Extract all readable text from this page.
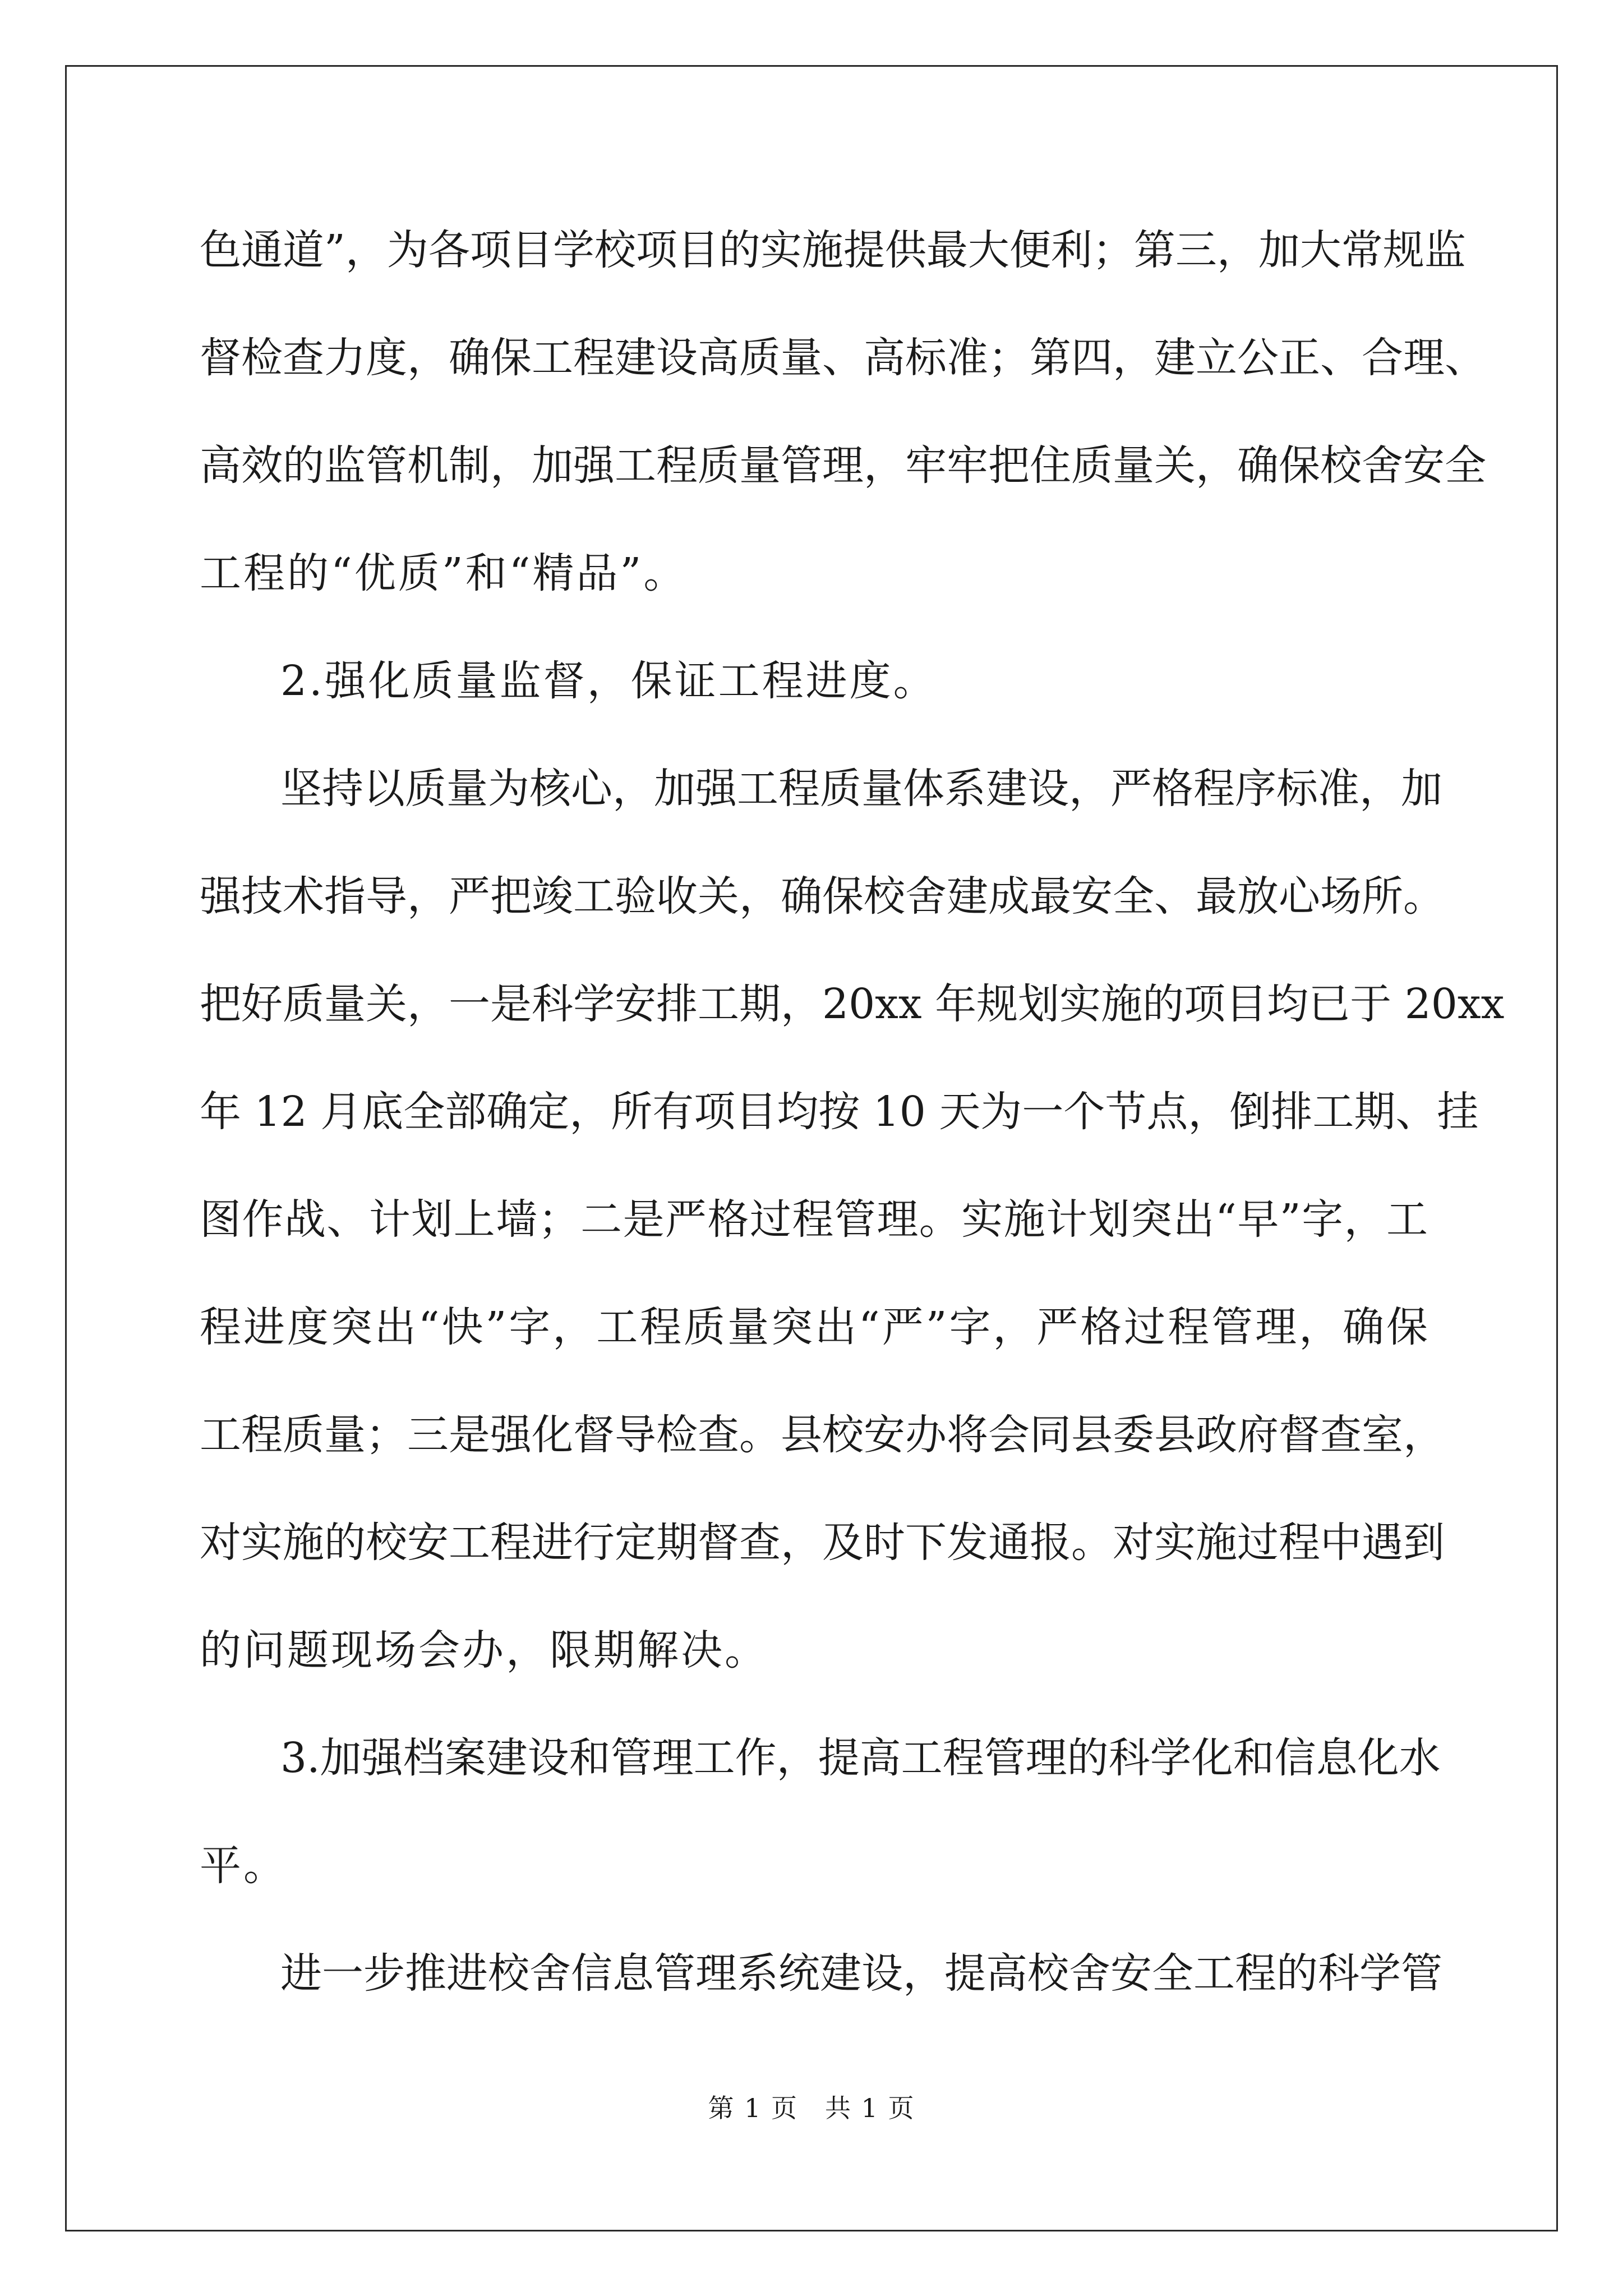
色通道”，为各项目学校项目的实施提供最大便利；第三，加大常规监
督检查力度，确保工程建设高质量、高标准；第四，建立公正、合理、
高效的监管机制，加强工程质量管理，牢牢把住质量关，确保校舍安全
工程的“优质”和“精品”。
2.强化质量监督，保证工程进度。
坚持以质量为核心，加强工程质量体系建设，严格程序标准，加
强技术指导，严把竣工验收关，确保校舍建成最安全、最放心场所。
把好质量关，一是科学安排工期，20xx 年规划实施的项目均已于 20xx
年 12 月底全部确定，所有项目均按 10 天为一个节点，倒排工期、挂
图作战、计划上墙；二是严格过程管理。实施计划突出“早”字，工
程进度突出“快”字，工程质量突出“严”字，严格过程管理，确保
工程质量；三是强化督导检查。县校安办将会同县委县政府督查室，
对实施的校安工程进行定期督查，及时下发通报。对实施过程中遇到
的问题现场会办，限期解决。
3.加强档案建设和管理工作，提高工程管理的科学化和信息化水
平。
进一步推进校舍信息管理系统建设，提高校舍安全工程的科学管
第 1 页 共 1 页
